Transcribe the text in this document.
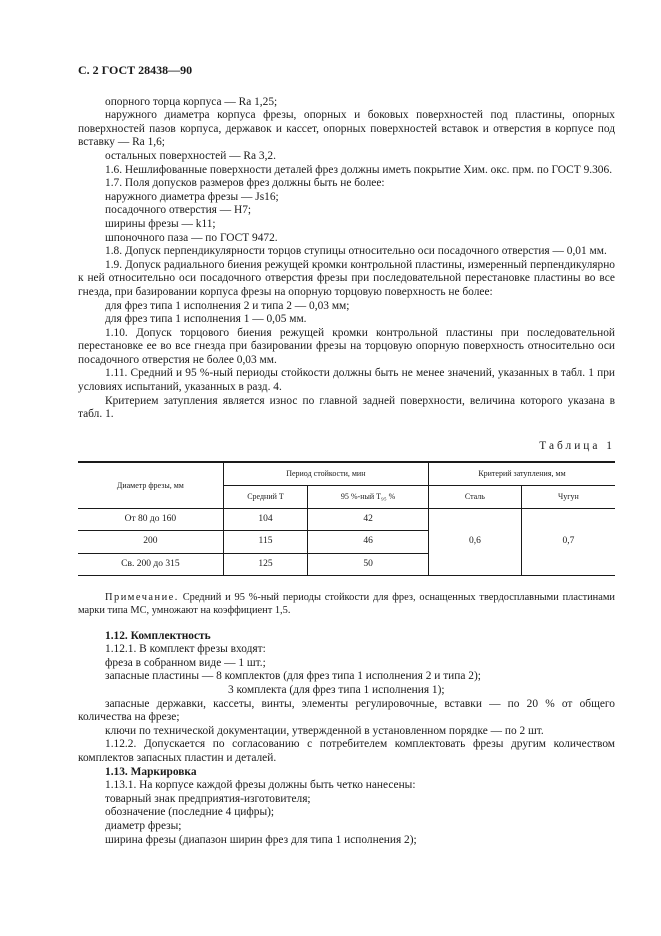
С. 2 ГОСТ 28438—90

опорного торца корпуса — Ra 1,25;

наружного диаметра корпуса фрезы, опорных и боковых поверхностей под пластины, опорных поверхностей пазов корпуса, державок и кассет, опорных поверхностей вставок и отверстия в корпусе под вставку — Ra 1,6;

остальных поверхностей — Ra 3,2.

1.6. Нешлифованные поверхности деталей фрез должны иметь покрытие Хим. окс. прм. по ГОСТ 9.306.

1.7. Поля допусков размеров фрез должны быть не более:

наружного диаметра фрезы — Js16;

посадочного отверстия — Н7;

ширины фрезы — k11;

шпоночного паза — по ГОСТ 9472.

1.8. Допуск перпендикулярности торцов ступицы относительно оси посадочного отверстия — 0,01 мм.

1.9. Допуск радиального биения режущей кромки контрольной пластины, измеренный перпендикулярно к ней относительно оси посадочного отверстия фрезы при последовательной перестановке пластины во все гнезда, при базировании корпуса фрезы на опорную торцовую поверхность не более:

для фрез типа 1 исполнения 2 и типа 2 — 0,03 мм;

для фрез типа 1 исполнения 1 — 0,05 мм.

1.10. Допуск торцового биения режущей кромки контрольной пластины при последовательной перестановке ее во все гнезда при базировании фрезы на торцовую опорную поверхность относительно оси посадочного отверстия не более 0,03 мм.

1.11. Средний и 95 %-ный периоды стойкости должны быть не менее значений, указанных в табл. 1 при условиях испытаний, указанных в разд. 4.

Критерием затупления является износ по главной задней поверхности, величина которого указана в табл. 1.

Таблица 1
Диаметр фрезы, мм	Период стойкости, мин		Критерий затупления, мм	
	Средний Т	95 %-ный Т₉₅ %	Сталь	Чугун
От 80 до 160	104	42	0,6	0,7
200	115	46		
Св. 200 до 315	125	50		

Примечание. Средний и 95 %-ный периоды стойкости для фрез, оснащенных твердосплавными пластинами марки типа МС, умножают на коэффициент 1,5.

1.12. Комплектность

1.12.1. В комплект фрезы входят:

фреза в собранном виде — 1 шт.;

запасные пластины — 8 комплектов (для фрез типа 1 исполнения 2 и типа 2);

3 комплекта (для фрез типа 1 исполнения 1);

запасные державки, кассеты, винты, элементы регулировочные, вставки — по 20 % от общего количества на фрезе;

ключи по технической документации, утвержденной в установленном порядке — по 2 шт.

1.12.2. Допускается по согласованию с потребителем комплектовать фрезы другим количеством комплектов запасных пластин и деталей.

1.13. Маркировка

1.13.1. На корпусе каждой фрезы должны быть четко нанесены:

товарный знак предприятия-изготовителя;

обозначение (последние 4 цифры);

диаметр фрезы;

ширина фрезы (диапазон ширин фрез для типа 1 исполнения 2);
